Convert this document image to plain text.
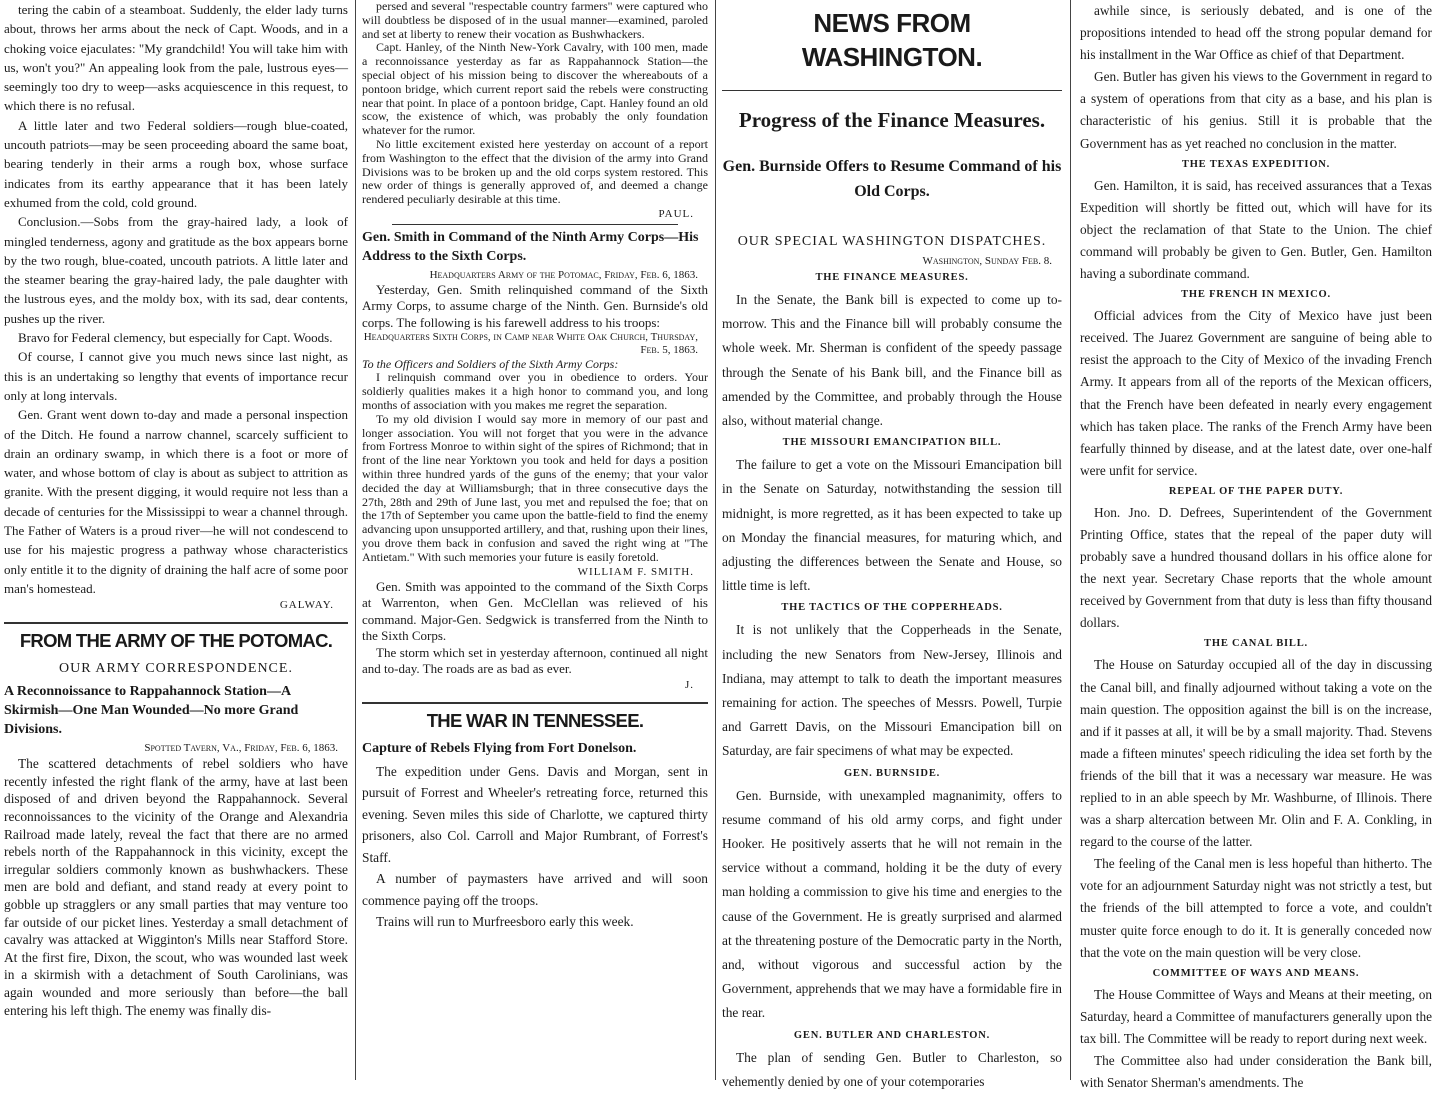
tering the cabin of a steamboat. Suddenly, the elder lady turns about, throws her arms about the neck of Capt. Woods, and in a choking voice ejaculates: "My grandchild! You will take him with us, won't you?" An appealing look from the pale, lustrous eyes—seemingly too dry to weep—asks acquiescence in this request, to which there is no refusal.

A little later and two Federal soldiers—rough blue-coated, uncouth patriots—may be seen proceeding aboard the same boat, bearing tenderly in their arms a rough box, whose surface indicates from its earthy appearance that it has been lately exhumed from the cold, cold ground.

Conclusion.—Sobs from the gray-haired lady, a look of mingled tenderness, agony and gratitude as the box appears borne by the two rough, blue-coated, uncouth patriots. A little later and the steamer bearing the gray-haired lady, the pale daughter with the lustrous eyes, and the moldy box, with its sad, dear contents, pushes up the river.

Bravo for Federal clemency, but especially for Capt. Woods.

Of course, I cannot give you much news since last night, as this is an undertaking so lengthy that events of importance recur only at long intervals.

Gen. Grant went down to-day and made a personal inspection of the Ditch. He found a narrow channel, scarcely sufficient to drain an ordinary swamp, in which there is a foot or more of water, and whose bottom of clay is about as subject to attrition as granite. With the present digging, it would require not less than a decade of centuries for the Mississippi to wear a channel through. The Father of Waters is a proud river—he will not condescend to use for his majestic progress a pathway whose characteristics only entitle it to the dignity of draining the half acre of some poor man's homestead.

GALWAY.
FROM THE ARMY OF THE POTOMAC.
OUR ARMY CORRESPONDENCE.
A Reconnoissance to Rappahannock Station—A Skirmish—One Man Wounded—No more Grand Divisions.
Spotted Tavern, Va., Friday, Feb. 6, 1863.

The scattered detachments of rebel soldiers who have recently infested the right flank of the army, have at last been disposed of and driven beyond the Rappahannock. Several reconnoissances to the vicinity of the Orange and Alexandria Railroad made lately, reveal the fact that there are no armed rebels north of the Rappahannock in this vicinity, except the irregular soldiers commonly known as bushwhackers. These men are bold and defiant, and stand ready at every point to gobble up stragglers or any small parties that may venture too far outside of our picket lines. Yesterday a small detachment of cavalry was attacked at Wigginton's Mills near Stafford Store. At the first fire, Dixon, the scout, who was wounded last week in a skirmish with a detachment of South Carolinians, was again wounded and more seriously than before—the ball entering his left thigh. The enemy was finally dis-

persed and several "respectable country farmers" were captured who will doubtless be disposed of in the usual manner—examined, paroled and set at liberty to renew their vocation as Bushwhackers.

Capt. Hanley, of the Ninth New-York Cavalry, with 100 men, made a reconnoissance yesterday as far as Rappahannock Station—the special object of his mission being to discover the whereabouts of a pontoon bridge, which current report said the rebels were constructing near that point. In place of a pontoon bridge, Capt. Hanley found an old scow, the existence of which, was probably the only foundation whatever for the rumor.

No little excitement existed here yesterday on account of a report from Washington to the effect that the division of the army into Grand Divisions was to be broken up and the old corps system restored. This new order of things is generally approved of, and deemed a change rendered peculiarly desirable at this time.

PAUL.
Gen. Smith in Command of the Ninth Army Corps—His Address to the Sixth Corps.
Headquarters Army of the Potomac, Friday, Feb. 6, 1863.

Yesterday, Gen. Smith relinquished command of the Sixth Army Corps, to assume charge of the Ninth. Gen. Burnside's old corps. The following is his farewell address to his troops:

Headquarters Sixth Corps, in Camp near White Oak Church, Thursday, Feb. 5, 1863.
To the Officers and Soldiers of the Sixth Army Corps:

I relinquish command over you in obedience to orders. Your soldierly qualities makes it a high honor to command you, and long months of association with you makes me regret the separation.

To my old division I would say more in memory of our past and longer association. You will not forget that you were in the advance from Fortress Monroe to within sight of the spires of Richmond; that in front of the line near Yorktown you took and held for days a position within three hundred yards of the guns of the enemy; that your valor decided the day at Williamsburgh; that in three consecutive days the 27th, 28th and 29th of June last, you met and repulsed the foe; that on the 17th of September you came upon the battle-field to find the enemy advancing upon unsupported artillery, and that, rushing upon their lines, you drove them back in confusion and saved the right wing at "The Antietam." With such memories your future is easily foretold.

WILLIAM F. SMITH.

Gen. Smith was appointed to the command of the Sixth Corps at Warrenton, when Gen. McClellan was relieved of his command. Major-Gen. Sedgwick is transferred from the Ninth to the Sixth Corps.

The storm which set in yesterday afternoon, continued all night and to-day. The roads are as bad as ever.

J.
THE WAR IN TENNESSEE.
Capture of Rebels Flying from Fort Donelson.

The expedition under Gens. Davis and Morgan, sent in pursuit of Forrest and Wheeler's retreating force, returned this evening. Seven miles this side of Charlotte, we captured thirty prisoners, also Col. Carroll and Major Rumbrant, of Forrest's Staff.

A number of paymasters have arrived and will soon commence paying off the troops.

Trains will run to Murfreesboro early this week.

NEWS FROM WASHINGTON.
Progress of the Finance Measures.
Gen. Burnside Offers to Resume Command of his Old Corps.
OUR SPECIAL WASHINGTON DISPATCHES.
Washington, Sunday Feb. 8.
THE FINANCE MEASURES.

In the Senate, the Bank bill is expected to come up to-morrow. This and the Finance bill will probably consume the whole week. Mr. Sherman is confident of the speedy passage through the Senate of his Bank bill, and the Finance bill as amended by the Committee, and probably through the House also, without material change.

THE MISSOURI EMANCIPATION BILL.

The failure to get a vote on the Missouri Emancipation bill in the Senate on Saturday, notwithstanding the session till midnight, is more regretted, as it has been expected to take up on Monday the financial measures, for maturing which, and adjusting the differences between the Senate and House, so little time is left.

THE TACTICS OF THE COPPERHEADS.

It is not unlikely that the Copperheads in the Senate, including the new Senators from New-Jersey, Illinois and Indiana, may attempt to talk to death the important measures remaining for action. The speeches of Messrs. Powell, Turpie and Garrett Davis, on the Missouri Emancipation bill on Saturday, are fair specimens of what may be expected.

GEN. BURNSIDE.

Gen. Burnside, with unexampled magnanimity, offers to resume command of his old army corps, and fight under Hooker. He positively asserts that he will not remain in the service without a command, holding it be the duty of every man holding a commission to give his time and energies to the cause of the Government. He is greatly surprised and alarmed at the threatening posture of the Democratic party in the North, and, without vigorous and successful action by the Government, apprehends that we may have a formidable fire in the rear.

GEN. BUTLER AND CHARLESTON.

The plan of sending Gen. Butler to Charleston, so vehemently denied by one of your cotemporaries

awhile since, is seriously debated, and is one of the propositions intended to head off the strong popular demand for his installment in the War Office as chief of that Department.

Gen. Butler has given his views to the Government in regard to a system of operations from that city as a base, and his plan is characteristic of his genius. Still it is probable that the Government has as yet reached no conclusion in the matter.

THE TEXAS EXPEDITION.

Gen. Hamilton, it is said, has received assurances that a Texas Expedition will shortly be fitted out, which will have for its object the reclamation of that State to the Union. The chief command will probably be given to Gen. Butler, Gen. Hamilton having a subordinate command.

THE FRENCH IN MEXICO.

Official advices from the City of Mexico have just been received. The Juarez Government are sanguine of being able to resist the approach to the City of Mexico of the invading French Army. It appears from all of the reports of the Mexican officers, that the French have been defeated in nearly every engagement which has taken place. The ranks of the French Army have been fearfully thinned by disease, and at the latest date, over one-half were unfit for service.

REPEAL OF THE PAPER DUTY.

Hon. Jno. D. Defrees, Superintendent of the Government Printing Office, states that the repeal of the paper duty will probably save a hundred thousand dollars in his office alone for the next year. Secretary Chase reports that the whole amount received by Government from that duty is less than fifty thousand dollars.

THE CANAL BILL.

The House on Saturday occupied all of the day in discussing the Canal bill, and finally adjourned without taking a vote on the main question. The opposition against the bill is on the increase, and if it passes at all, it will be by a small majority. Thad. Stevens made a fifteen minutes' speech ridiculing the idea set forth by the friends of the bill that it was a necessary war measure. He was replied to in an able speech by Mr. Washburne, of Illinois. There was a sharp altercation between Mr. Olin and F. A. Conkling, in regard to the course of the latter.

The feeling of the Canal men is less hopeful than hitherto. The vote for an adjournment Saturday night was not strictly a test, but the friends of the bill attempted to force a vote, and couldn't muster quite force enough to do it. It is generally conceded now that the vote on the main question will be very close.

COMMITTEE OF WAYS AND MEANS.

The House Committee of Ways and Means at their meeting, on Saturday, heard a Committee of manufacturers generally upon the tax bill. The Committee will be ready to report during next week.

The Committee also had under consideration the Bank bill, with Senator Sherman's amendments. The
